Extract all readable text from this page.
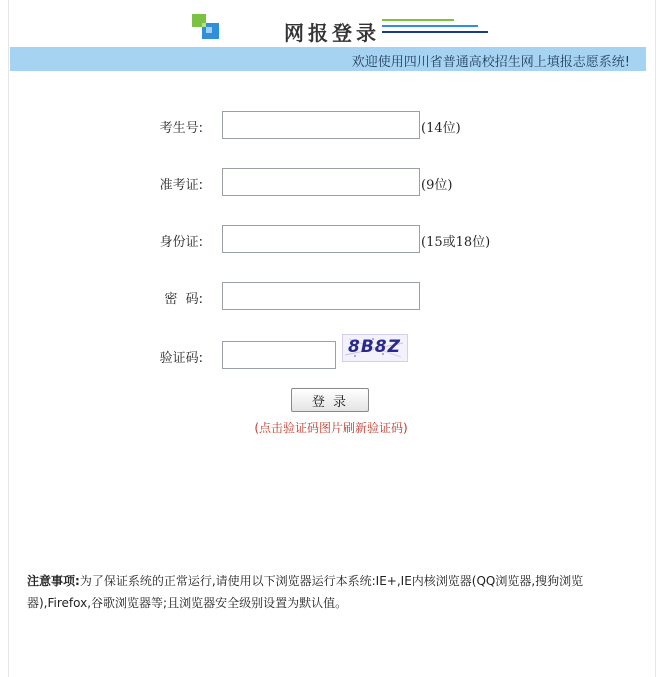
网报登录
欢迎使用四川省普通高校招生网上填报志愿系统!
考生号:	(14位)
准考证:	(9位)
身份证:	(15或18位)
密  码:
验证码:
8B8Z
登 录
(点击验证码图片刷新验证码)
注意事项:为了保证系统的正常运行,请使用以下浏览器运行本系统:IE+,IE内核浏览器(QQ浏览器,搜狗浏览器),Firefox,谷歌浏览器等;且浏览器安全级别设置为默认值。
